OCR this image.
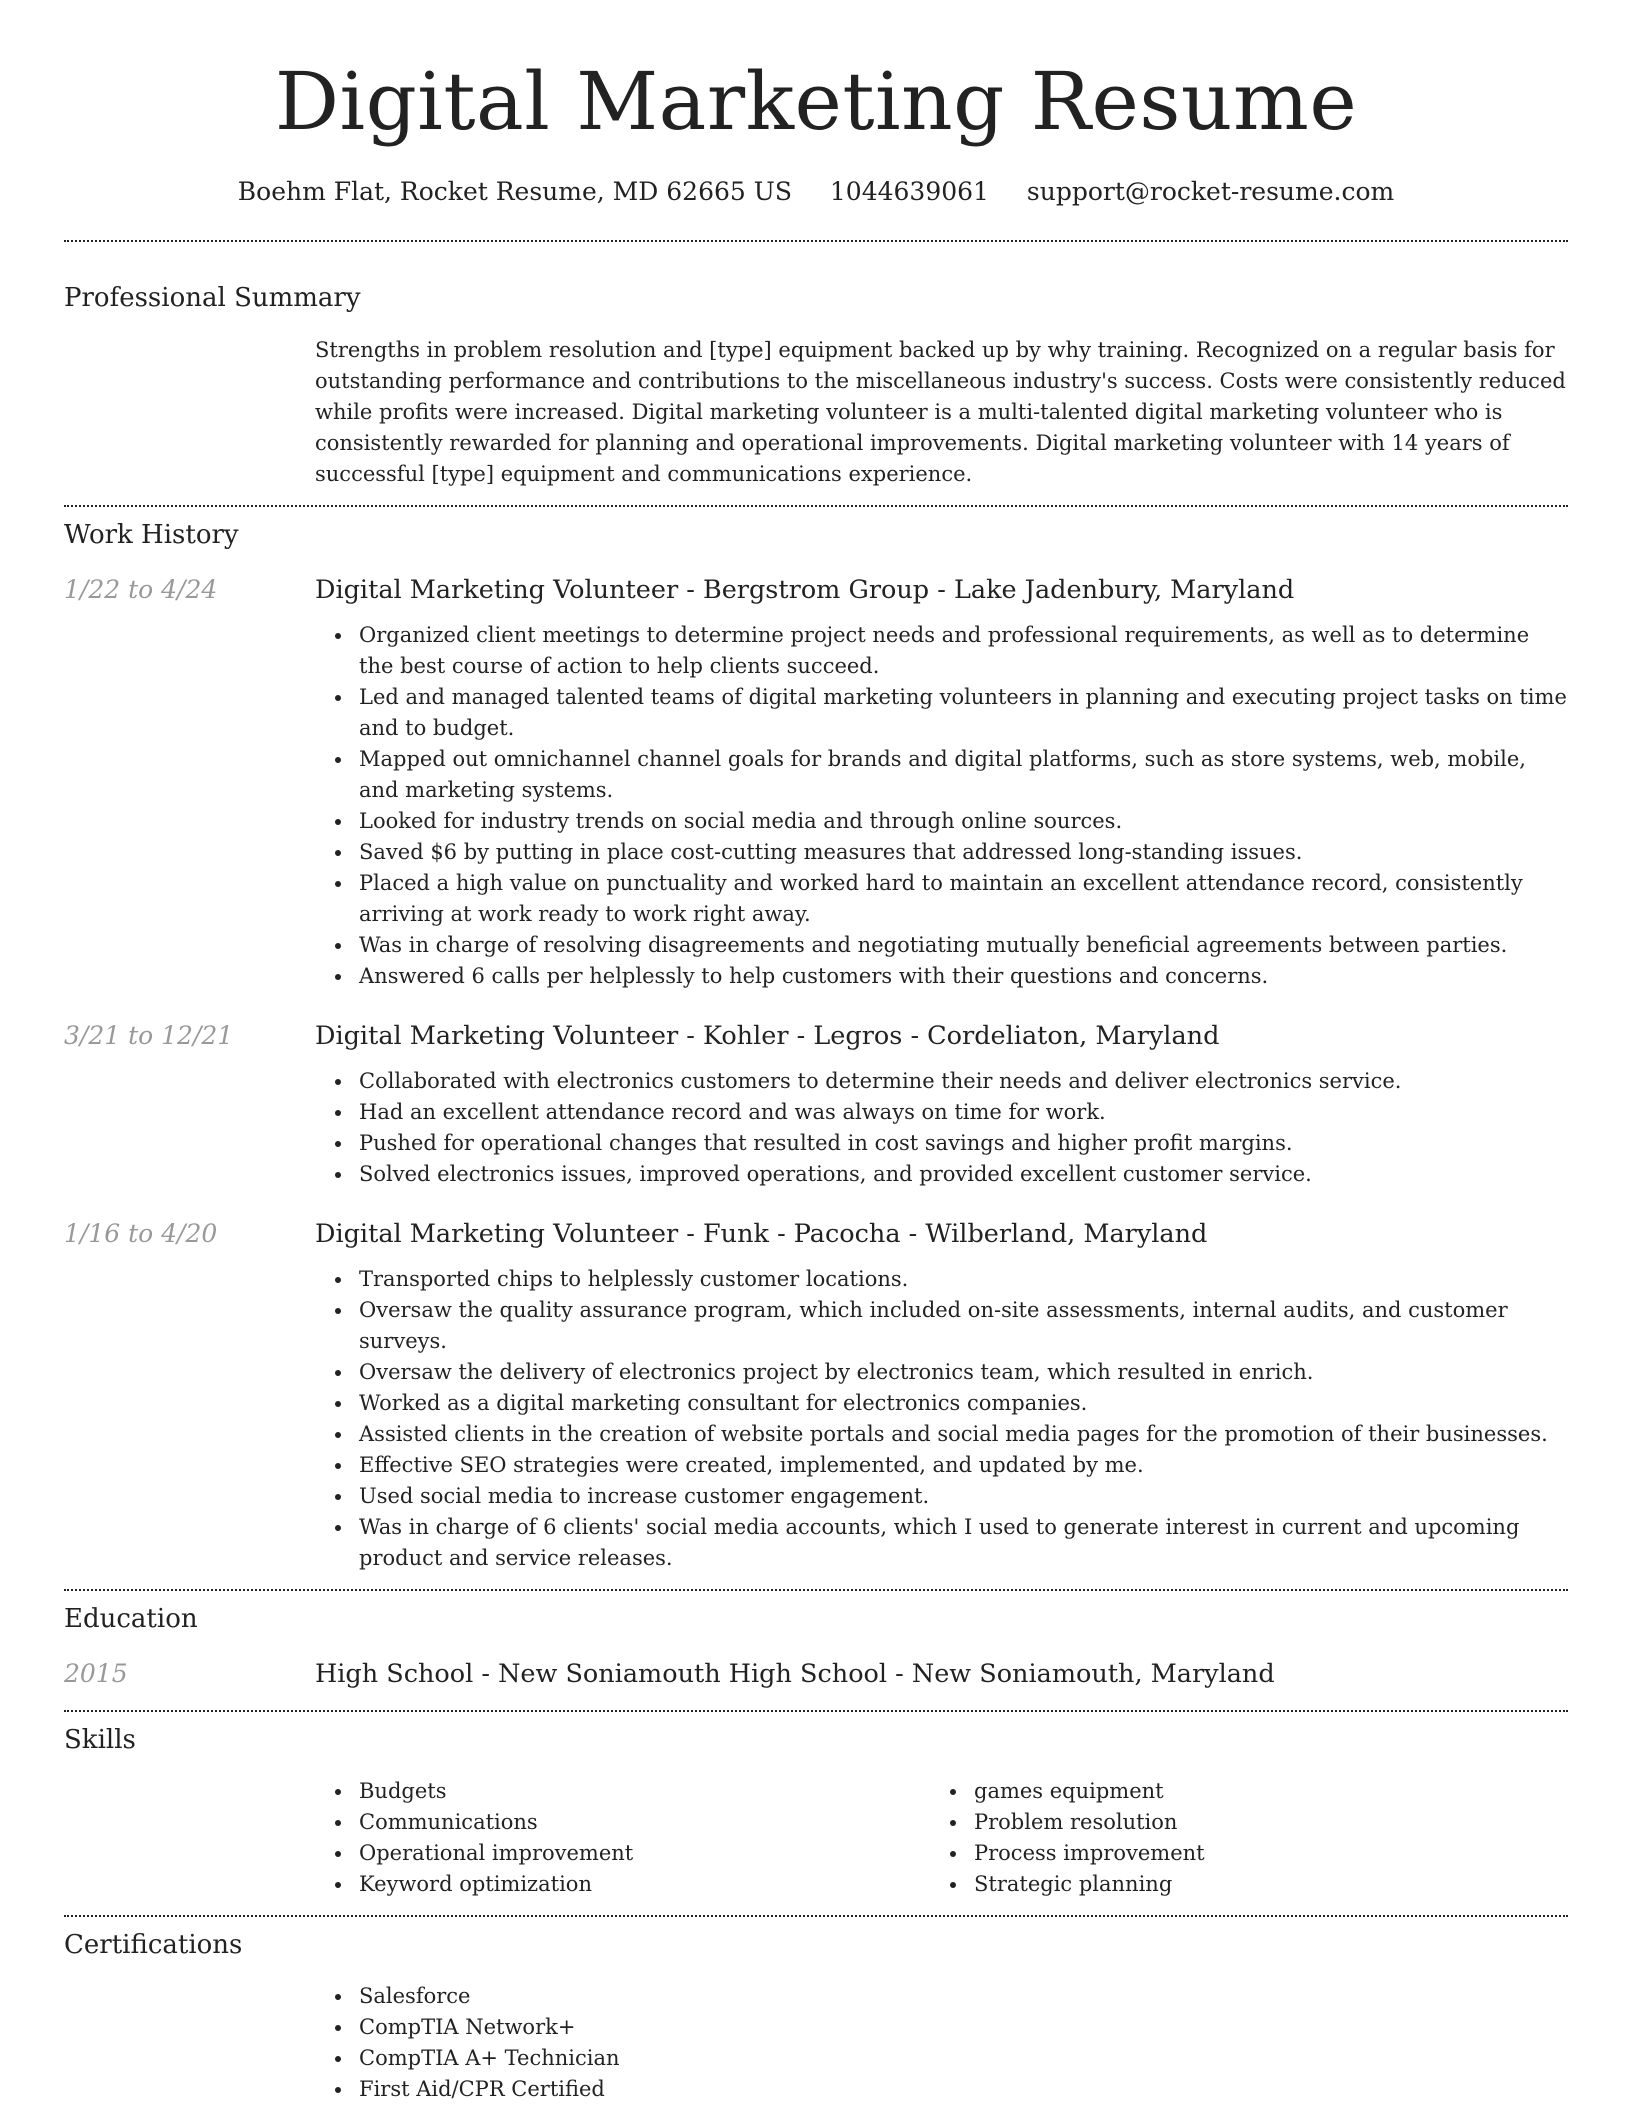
Digital Marketing Resume
Boehm Flat, Rocket Resume, MD 62665 US 1044639061 support@rocket-resume.com
Professional Summary
Strengths in problem resolution and [type] equipment backed up by why training. Recognized on a regular basis for outstanding performance and contributions to the miscellaneous industry's success. Costs were consistently reduced while profits were increased. Digital marketing volunteer is a multi-talented digital marketing volunteer who is consistently rewarded for planning and operational improvements. Digital marketing volunteer with 14 years of successful [type] equipment and communications experience.
Work History
1/22 to 4/24	Digital Marketing Volunteer - Bergstrom Group - Lake Jadenbury, Maryland
Organized client meetings to determine project needs and professional requirements, as well as to determine the best course of action to help clients succeed.
Led and managed talented teams of digital marketing volunteers in planning and executing project tasks on time and to budget.
Mapped out omnichannel channel goals for brands and digital platforms, such as store systems, web, mobile, and marketing systems.
Looked for industry trends on social media and through online sources.
Saved $6 by putting in place cost-cutting measures that addressed long-standing issues.
Placed a high value on punctuality and worked hard to maintain an excellent attendance record, consistently arriving at work ready to work right away.
Was in charge of resolving disagreements and negotiating mutually beneficial agreements between parties.
Answered 6 calls per helplessly to help customers with their questions and concerns.
3/21 to 12/21	Digital Marketing Volunteer - Kohler - Legros - Cordeliaton, Maryland
Collaborated with electronics customers to determine their needs and deliver electronics service.
Had an excellent attendance record and was always on time for work.
Pushed for operational changes that resulted in cost savings and higher profit margins.
Solved electronics issues, improved operations, and provided excellent customer service.
1/16 to 4/20	Digital Marketing Volunteer - Funk - Pacocha - Wilberland, Maryland
Transported chips to helplessly customer locations.
Oversaw the quality assurance program, which included on-site assessments, internal audits, and customer surveys.
Oversaw the delivery of electronics project by electronics team, which resulted in enrich.
Worked as a digital marketing consultant for electronics companies.
Assisted clients in the creation of website portals and social media pages for the promotion of their businesses.
Effective SEO strategies were created, implemented, and updated by me.
Used social media to increase customer engagement.
Was in charge of 6 clients' social media accounts, which I used to generate interest in current and upcoming product and service releases.
Education
2015	High School - New Soniamouth High School - New Soniamouth, Maryland
Skills
Budgets
Communications
Operational improvement
Keyword optimization
games equipment
Problem resolution
Process improvement
Strategic planning
Certifications
Salesforce
CompTIA Network+
CompTIA A+ Technician
First Aid/CPR Certified
